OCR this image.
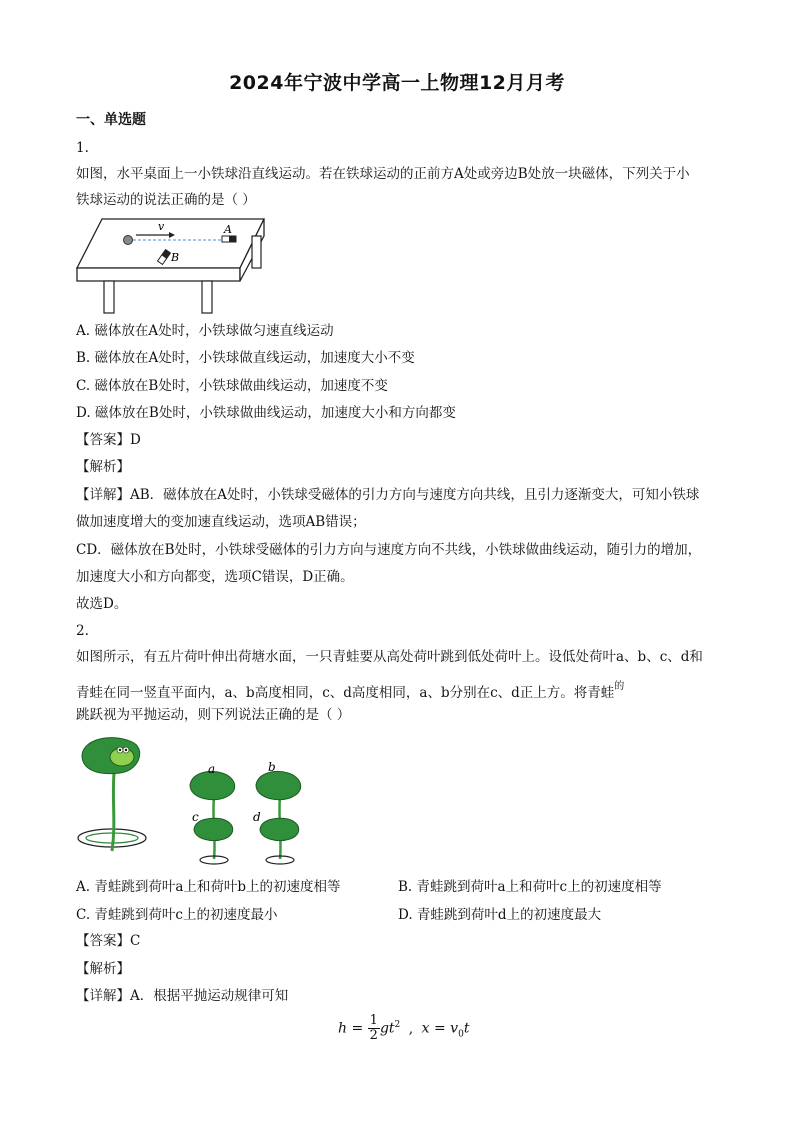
2024年宁波中学高一上物理12月月考
一、单选题
1.
如图，水平桌面上一小铁球沿直线运动。若在铁球运动的正前方A处或旁边B处放一块磁体，下列关于小
铁球运动的说法正确的是（ ）
v	A
B
A. 磁体放在A处时，小铁球做匀速直线运动
B. 磁体放在A处时，小铁球做直线运动，加速度大小不变
C. 磁体放在B处时，小铁球做曲线运动，加速度不变
D. 磁体放在B处时，小铁球做曲线运动，加速度大小和方向都变
【答案】D
【解析】
【详解】AB．磁体放在A处时，小铁球受磁体的引力方向与速度方向共线，且引力逐渐变大，可知小铁球
做加速度增大的变加速直线运动，选项AB错误；
CD．磁体放在B处时，小铁球受磁体的引力方向与速度方向不共线，小铁球做曲线运动，随引力的增加，
加速度大小和方向都变，选项C错误，D正确。
故选D。
2.
如图所示，有五片荷叶伸出荷塘水面，一只青蛙要从高处荷叶跳到低处荷叶上。设低处荷叶a、b、c、d和
青蛙在同一竖直平面内，a、b高度相同，c、d高度相同，a、b分别在c、d正上方。将青蛙$^的$
跳跃视为平抛运动，则下列说法正确的是（ ）
a
c
b
d
A. 青蛙跳到荷叶a上和荷叶b上的初速度相等	B. 青蛙跳到荷叶a上和荷叶c上的初速度相等
C. 青蛙跳到荷叶c上的初速度最小	D. 青蛙跳到荷叶d上的初速度最大
【答案】C
【解析】
【详解】A．根据平抛运动规律可知
$h = \frac{1}{2} gt^2$ , $x = v_0t$
